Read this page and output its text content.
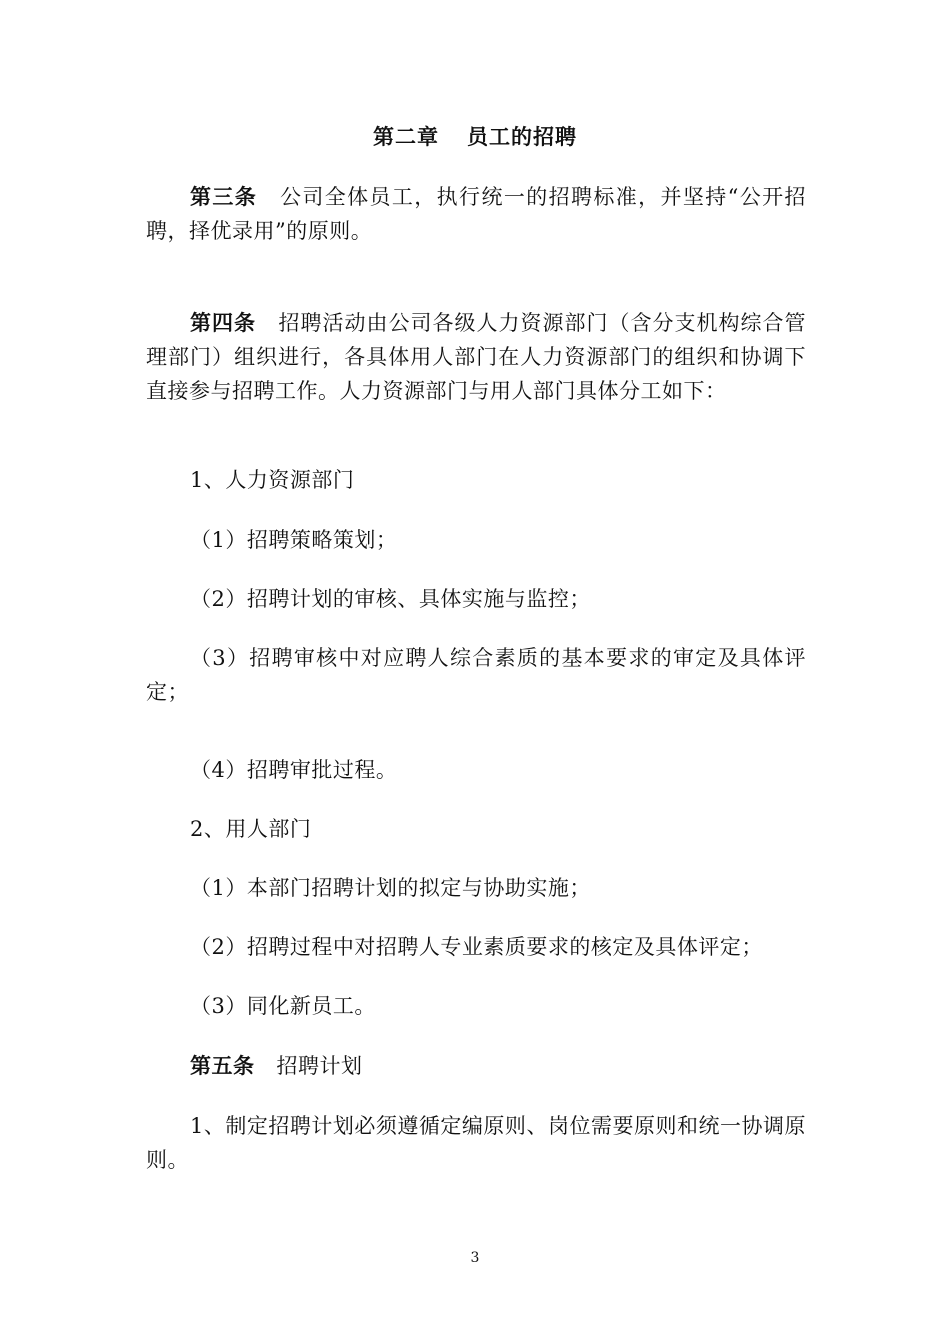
第二章 员工的招聘

第三条 公司全体员工，执行统一的招聘标准，并坚持“公开招聘，择优录用”的原则。

第四条 招聘活动由公司各级人力资源部门（含分支机构综合管理部门）组织进行，各具体用人部门在人力资源部门的组织和协调下直接参与招聘工作。人力资源部门与用人部门具体分工如下：

1、人力资源部门

（1）招聘策略策划；

（2）招聘计划的审核、具体实施与监控；

（3）招聘审核中对应聘人综合素质的基本要求的审定及具体评定；

（4）招聘审批过程。

2、用人部门

（1）本部门招聘计划的拟定与协助实施；

（2）招聘过程中对招聘人专业素质要求的核定及具体评定；

（3）同化新员工。

第五条 招聘计划

1、制定招聘计划必须遵循定编原则、岗位需要原则和统一协调原则。

3
